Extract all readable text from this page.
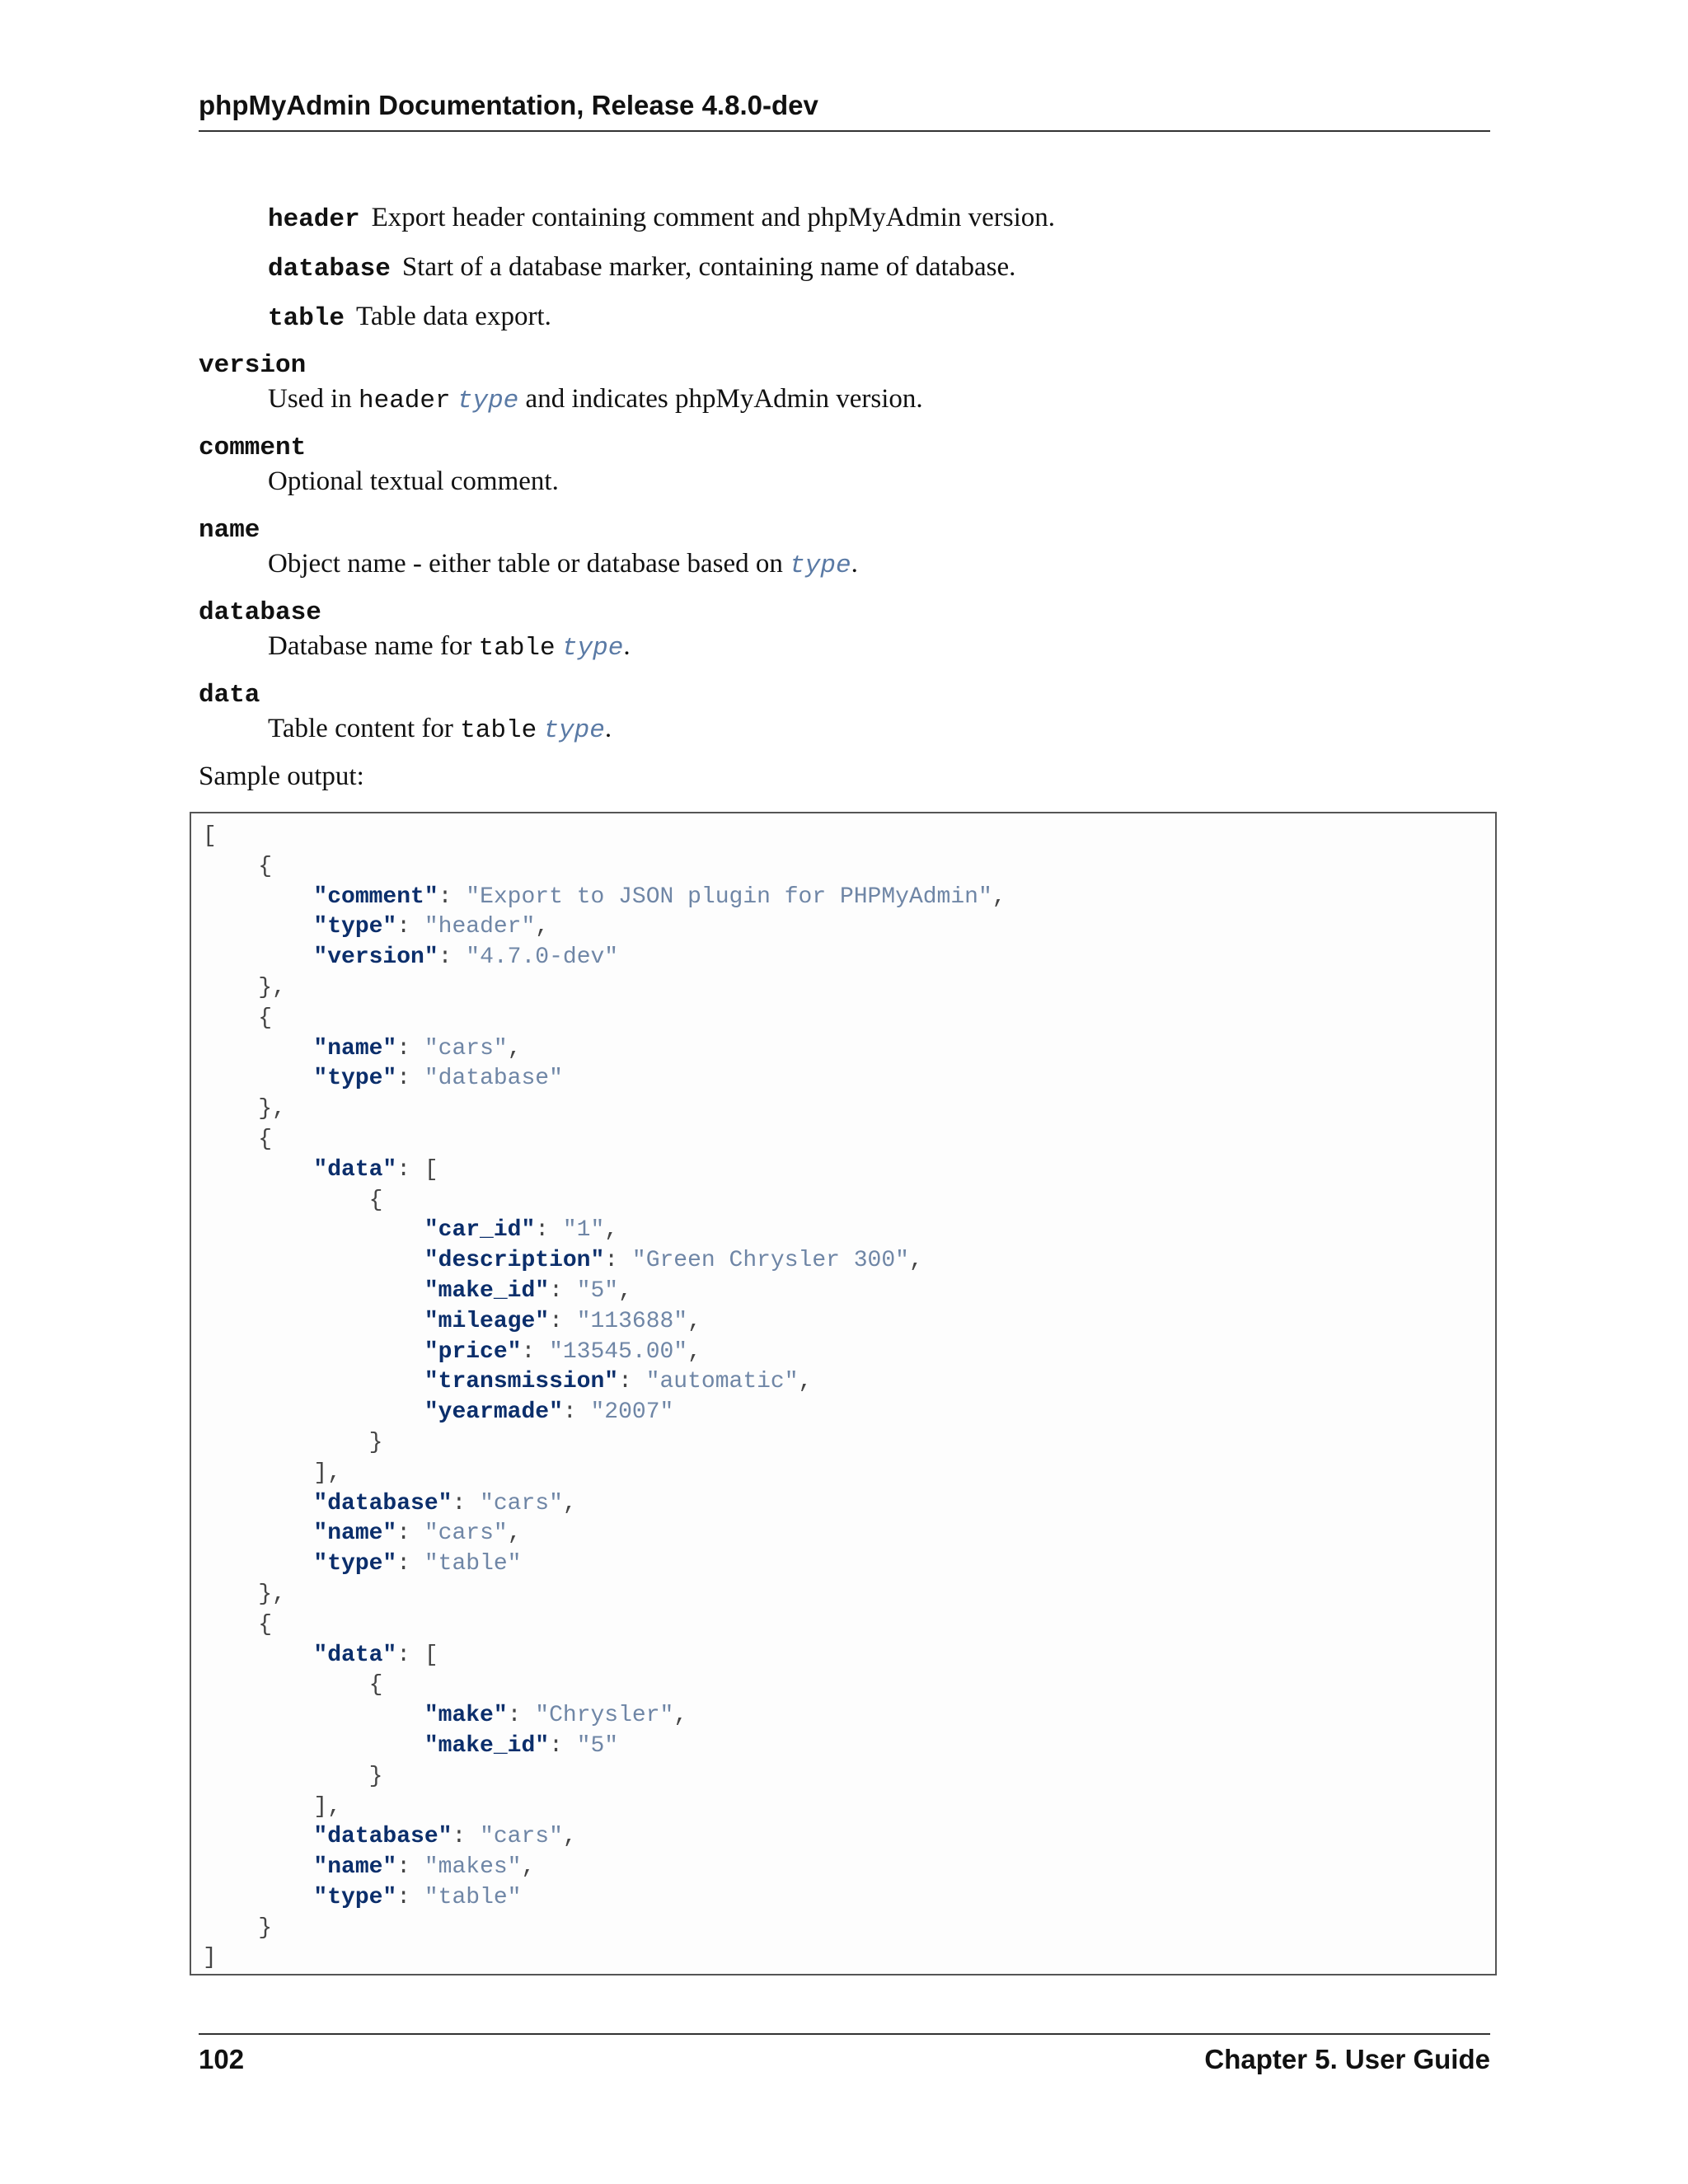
phpMyAdmin Documentation, Release 4.8.0-dev
header Export header containing comment and phpMyAdmin version.
database Start of a database marker, containing name of database.
table Table data export.
version
Used in header type and indicates phpMyAdmin version.
comment
Optional textual comment.
name
Object name - either table or database based on type.
database
Database name for table type.
data
Table content for table type.
Sample output:
[
{
"comment": "Export to JSON plugin for PHPMyAdmin",
"type": "header",
"version": "4.7.0-dev"
},
{
"name": "cars",
"type": "database"
},
{
"data": [
{
"car_id": "1",
"description": "Green Chrysler 300",
"make_id": "5",
"mileage": "113688",
"price": "13545.00",
"transmission": "automatic",
"yearmade": "2007"
}
],
"database": "cars",
"name": "cars",
"type": "table"
},
{
"data": [
{
"make": "Chrysler",
"make_id": "5"
}
],
"database": "cars",
"name": "makes",
"type": "table"
}
]
102	Chapter 5. User Guide
